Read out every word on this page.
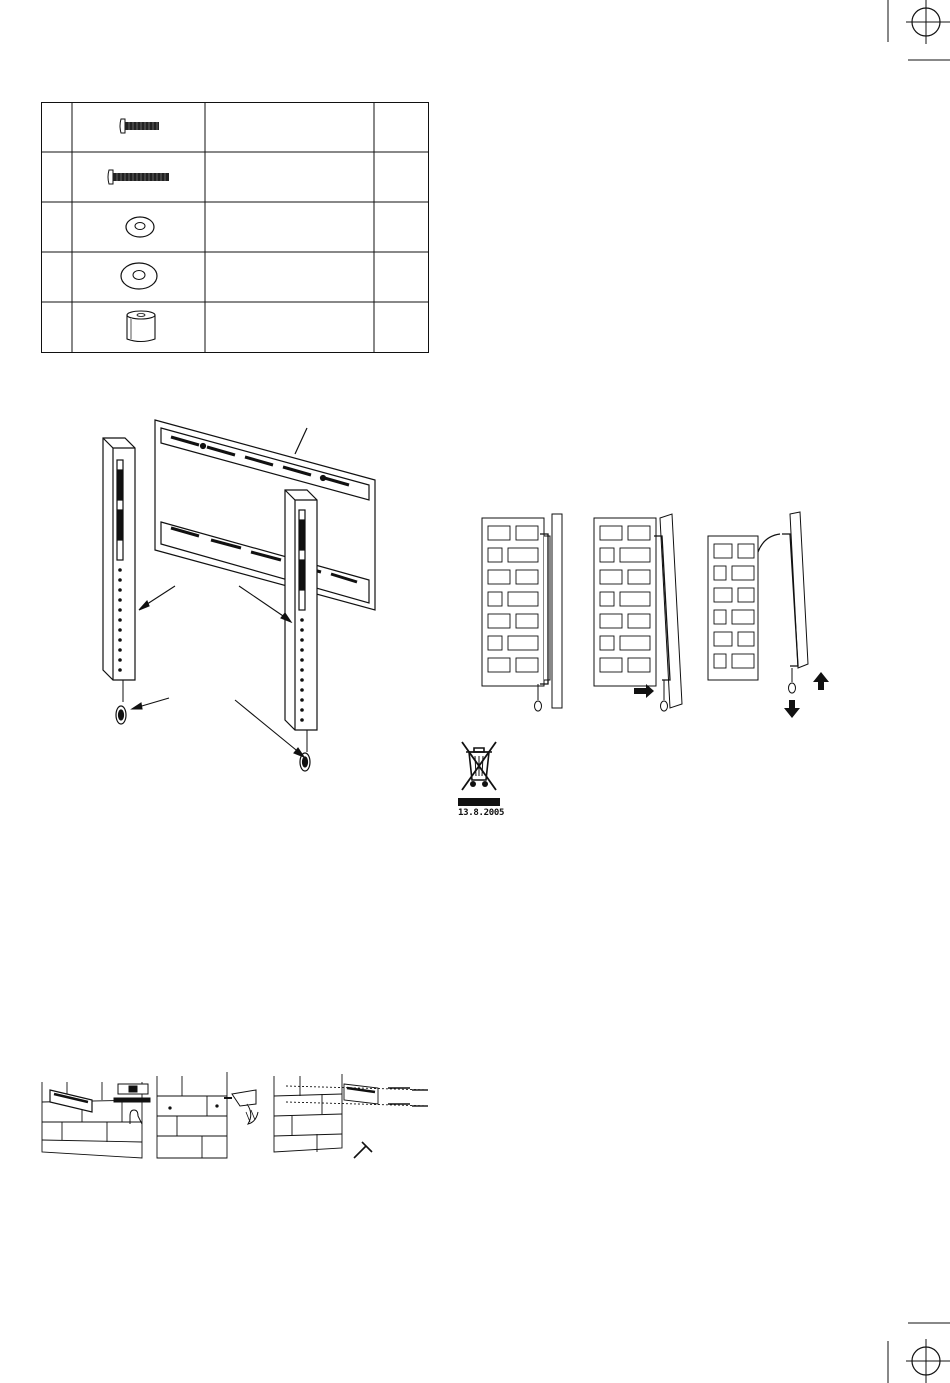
13.8.2005
